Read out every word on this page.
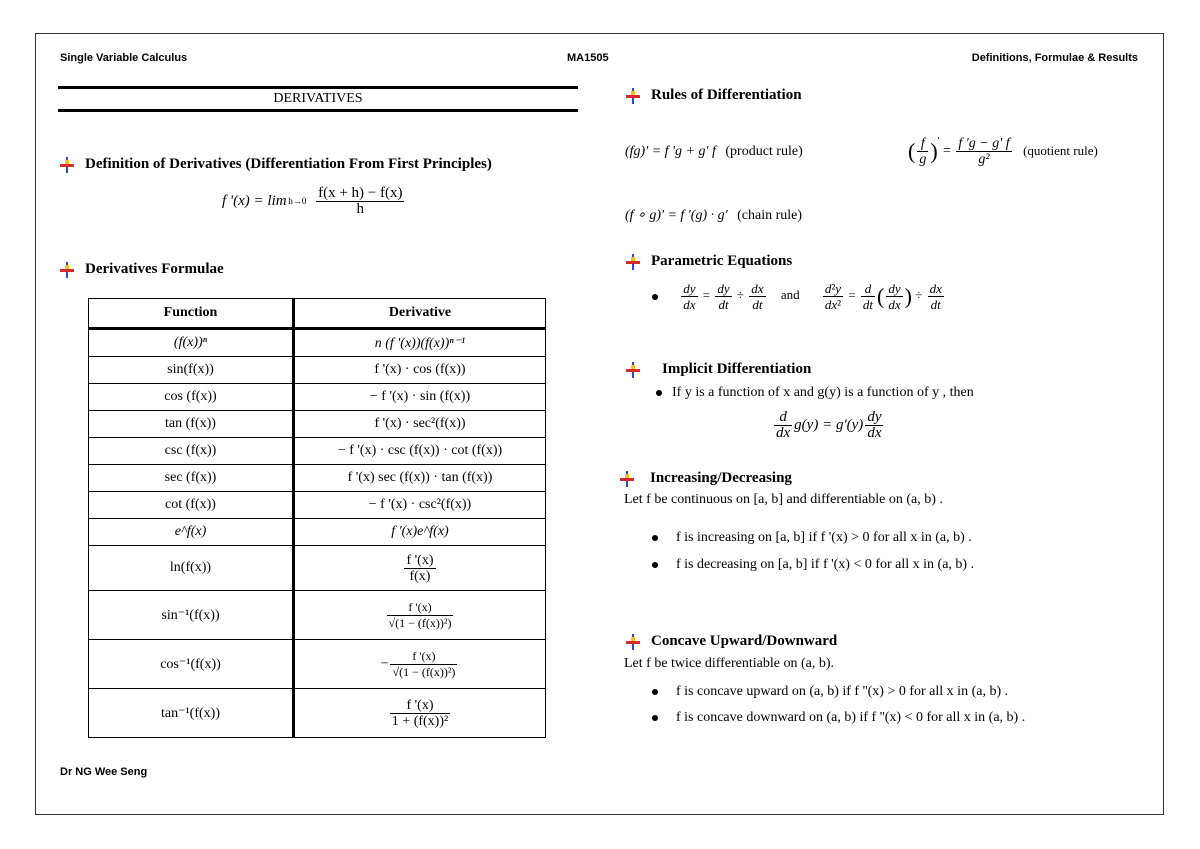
Single Variable Calculus	MA1505	Definitions, Formulae & Results
DERIVATIVES
Definition of Derivatives (Differentiation From First Principles)
f '(x) = lim h→0
$\frac{f(x + h) - f(x)}{h}$
Derivatives Formulae
Function	Derivative
(f(x))ⁿ	n (f '(x))(f(x))ⁿ⁻¹
sin(f(x))	f '(x) · cos (f(x))
cos (f(x))	− f '(x) · sin (f(x))
tan (f(x))	f '(x) · sec²(f(x))
csc (f(x))	− f '(x) · csc (f(x)) · cot (f(x))
sec (f(x))	f '(x) sec (f(x)) · tan (f(x))
cot (f(x))	− f '(x) · csc²(f(x))
e^f(x)	f '(x)e^f(x)
ln(f(x))	$\frac{f '(x)}{f(x)}$

sin⁻¹(f(x))	$\frac{f '(x)}{\text{√(1 − (f(x))²)}}$

cos⁻¹(f(x))	− $\frac{f '(x)}{\text{√(1 − (f(x))²)}}$

tan⁻¹(f(x))	$\frac{f '(x)}{\text{1 + (f(x))²}}$
Dr NG Wee Seng
Rules of Differentiation
(fg)' = f 'g + g' f (product rule)	( $\frac{f}{g} )' = \frac{f 'g - g' f}{\text{g²}}$ (quotient rule)
(f ∘ g)' = f '(g) · g' (chain rule)
Parametric Equations

$\frac{dy}{dx} = \frac{dy}{dt} \div \frac{dx}{dt}$ and $\frac{\text{d²y}}{\text{dx²}} = \frac{d}{dt}$ ( $\frac{dy}{dx}$ ) ÷ $\frac{dx}{dt}$
Implicit Differentiation
If y is a function of x and g(y) is a function of y , then
$\frac{d}{dx} g(y) = g'(y) \frac{dy}{dx}$
Increasing/Decreasing
Let f be continuous on [a, b] and differentiable on (a, b) .
f is increasing on [a, b] if f '(x) > 0 for all x in (a, b) .
f is decreasing on [a, b] if f '(x) < 0 for all x in (a, b) .
Concave Upward/Downward
Let f be twice differentiable on (a, b).
f is concave upward on (a, b) if f ''(x) > 0 for all x in (a, b) .
f is concave downward on (a, b) if f ''(x) < 0 for all x in (a, b) .
